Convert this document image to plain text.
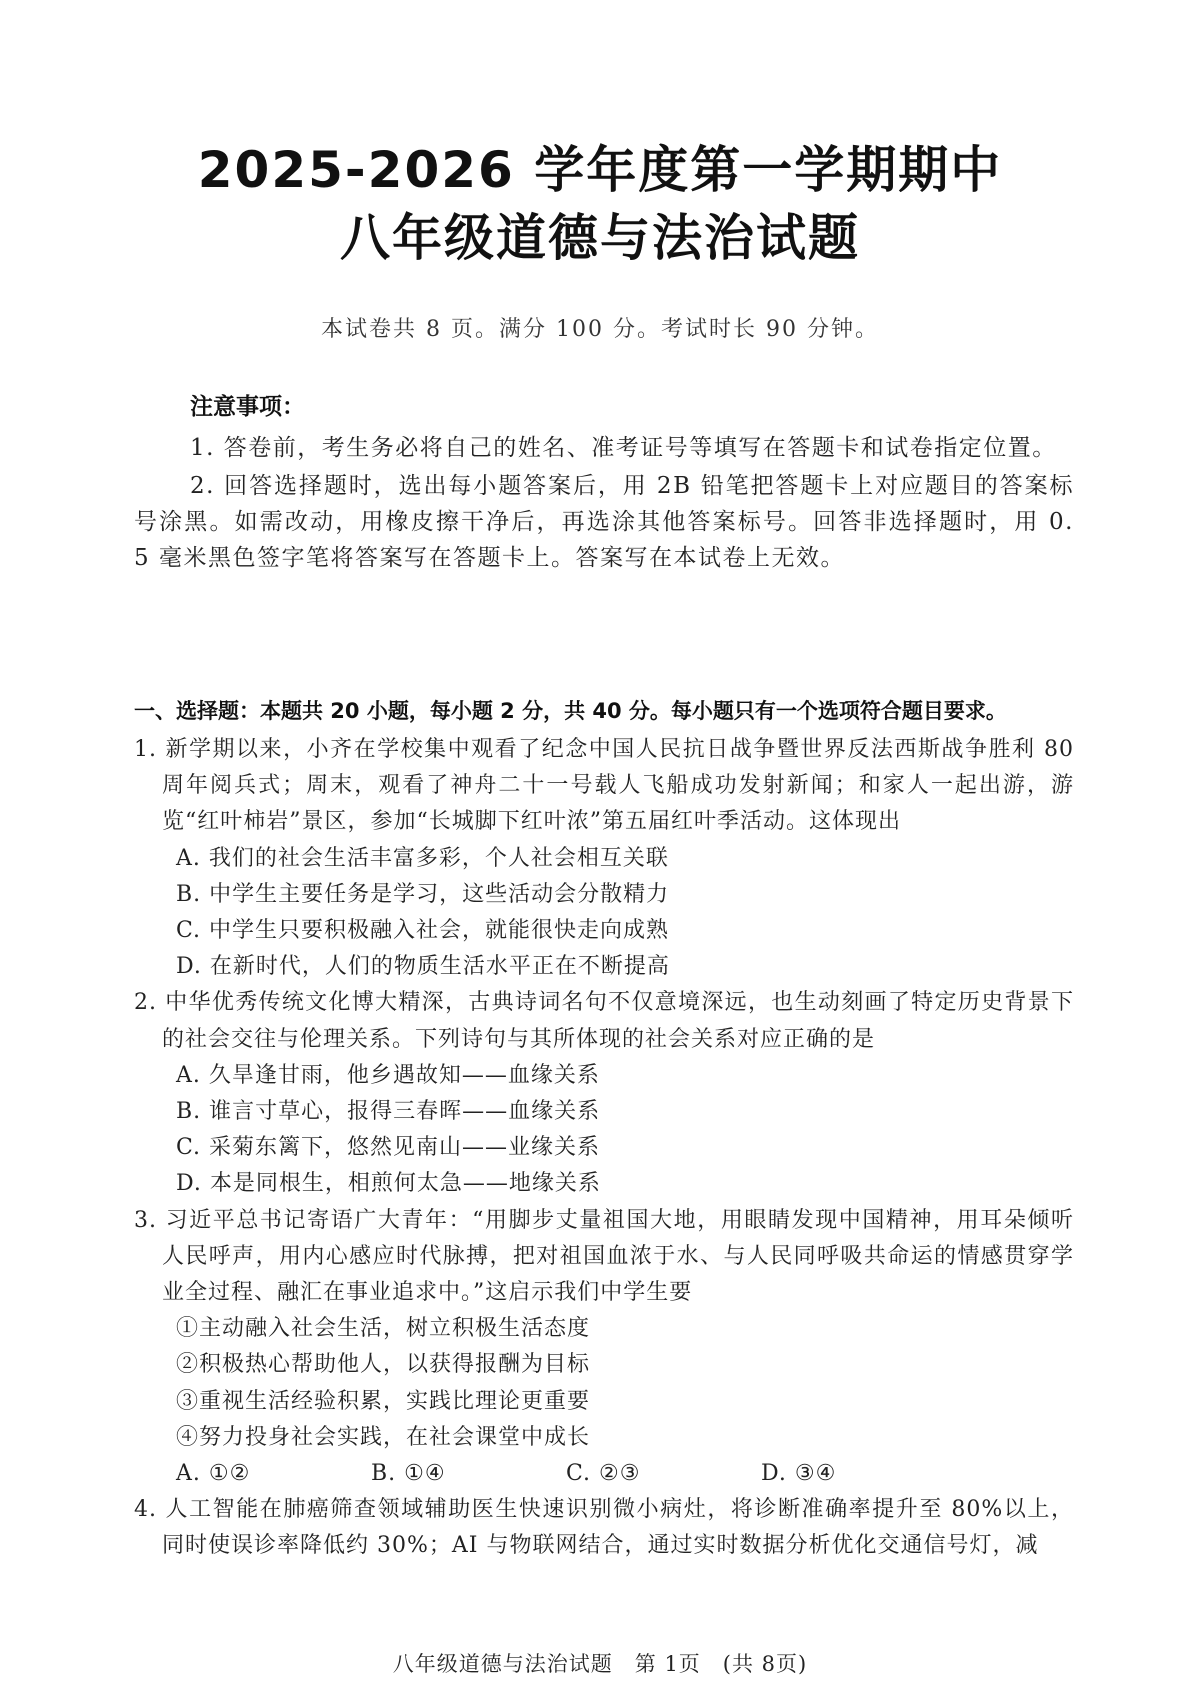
2025-2026 学年度第一学期期中
八年级道德与法治试题
本试卷共 8 页。满分 100 分。考试时长 90 分钟。
注意事项：

1. 答卷前，考生务必将自己的姓名、准考证号等填写在答题卡和试卷指定位置。

2. 回答选择题时，选出每小题答案后，用 2B 铅笔把答题卡上对应题目的答案标号涂黑。如需改动，用橡皮擦干净后，再选涂其他答案标号。回答非选择题时，用 0. 5 毫米黑色签字笔将答案写在答题卡上。答案写在本试卷上无效。

一、选择题：本题共 20 小题，每小题 2 分，共 40 分。每小题只有一个选项符合题目要求。

1. 新学期以来，小齐在学校集中观看了纪念中国人民抗日战争暨世界反法西斯战争胜利 80 周年阅兵式；周末，观看了神舟二十一号载人飞船成功发射新闻；和家人一起出游，游览“红叶柿岩”景区，参加“长城脚下红叶浓”第五届红叶季活动。这体现出

A. 我们的社会生活丰富多彩，个人社会相互关联

B. 中学生主要任务是学习，这些活动会分散精力

C. 中学生只要积极融入社会，就能很快走向成熟

D. 在新时代，人们的物质生活水平正在不断提高

2. 中华优秀传统文化博大精深，古典诗词名句不仅意境深远，也生动刻画了特定历史背景下的社会交往与伦理关系。下列诗句与其所体现的社会关系对应正确的是

A. 久旱逢甘雨，他乡遇故知——血缘关系

B. 谁言寸草心，报得三春晖——血缘关系

C. 采菊东篱下，悠然见南山——业缘关系

D. 本是同根生，相煎何太急——地缘关系

3. 习近平总书记寄语广大青年：“用脚步丈量祖国大地，用眼睛发现中国精神，用耳朵倾听人民呼声，用内心感应时代脉搏，把对祖国血浓于水、与人民同呼吸共命运的情感贯穿学业全过程、融汇在事业追求中。”这启示我们中学生要

①主动融入社会生活，树立积极生活态度

②积极热心帮助他人，以获得报酬为目标

③重视生活经验积累，实践比理论更重要

④努力投身社会实践，在社会课堂中成长

A. ①②	B. ①④	C. ②③	D. ③④

4. 人工智能在肺癌筛查领域辅助医生快速识别微小病灶，将诊断准确率提升至 80%以上，同时使误诊率降低约 30%；AI 与物联网结合，通过实时数据分析优化交通信号灯，减

八年级道德与法治试题　第 1页　(共 8页)
